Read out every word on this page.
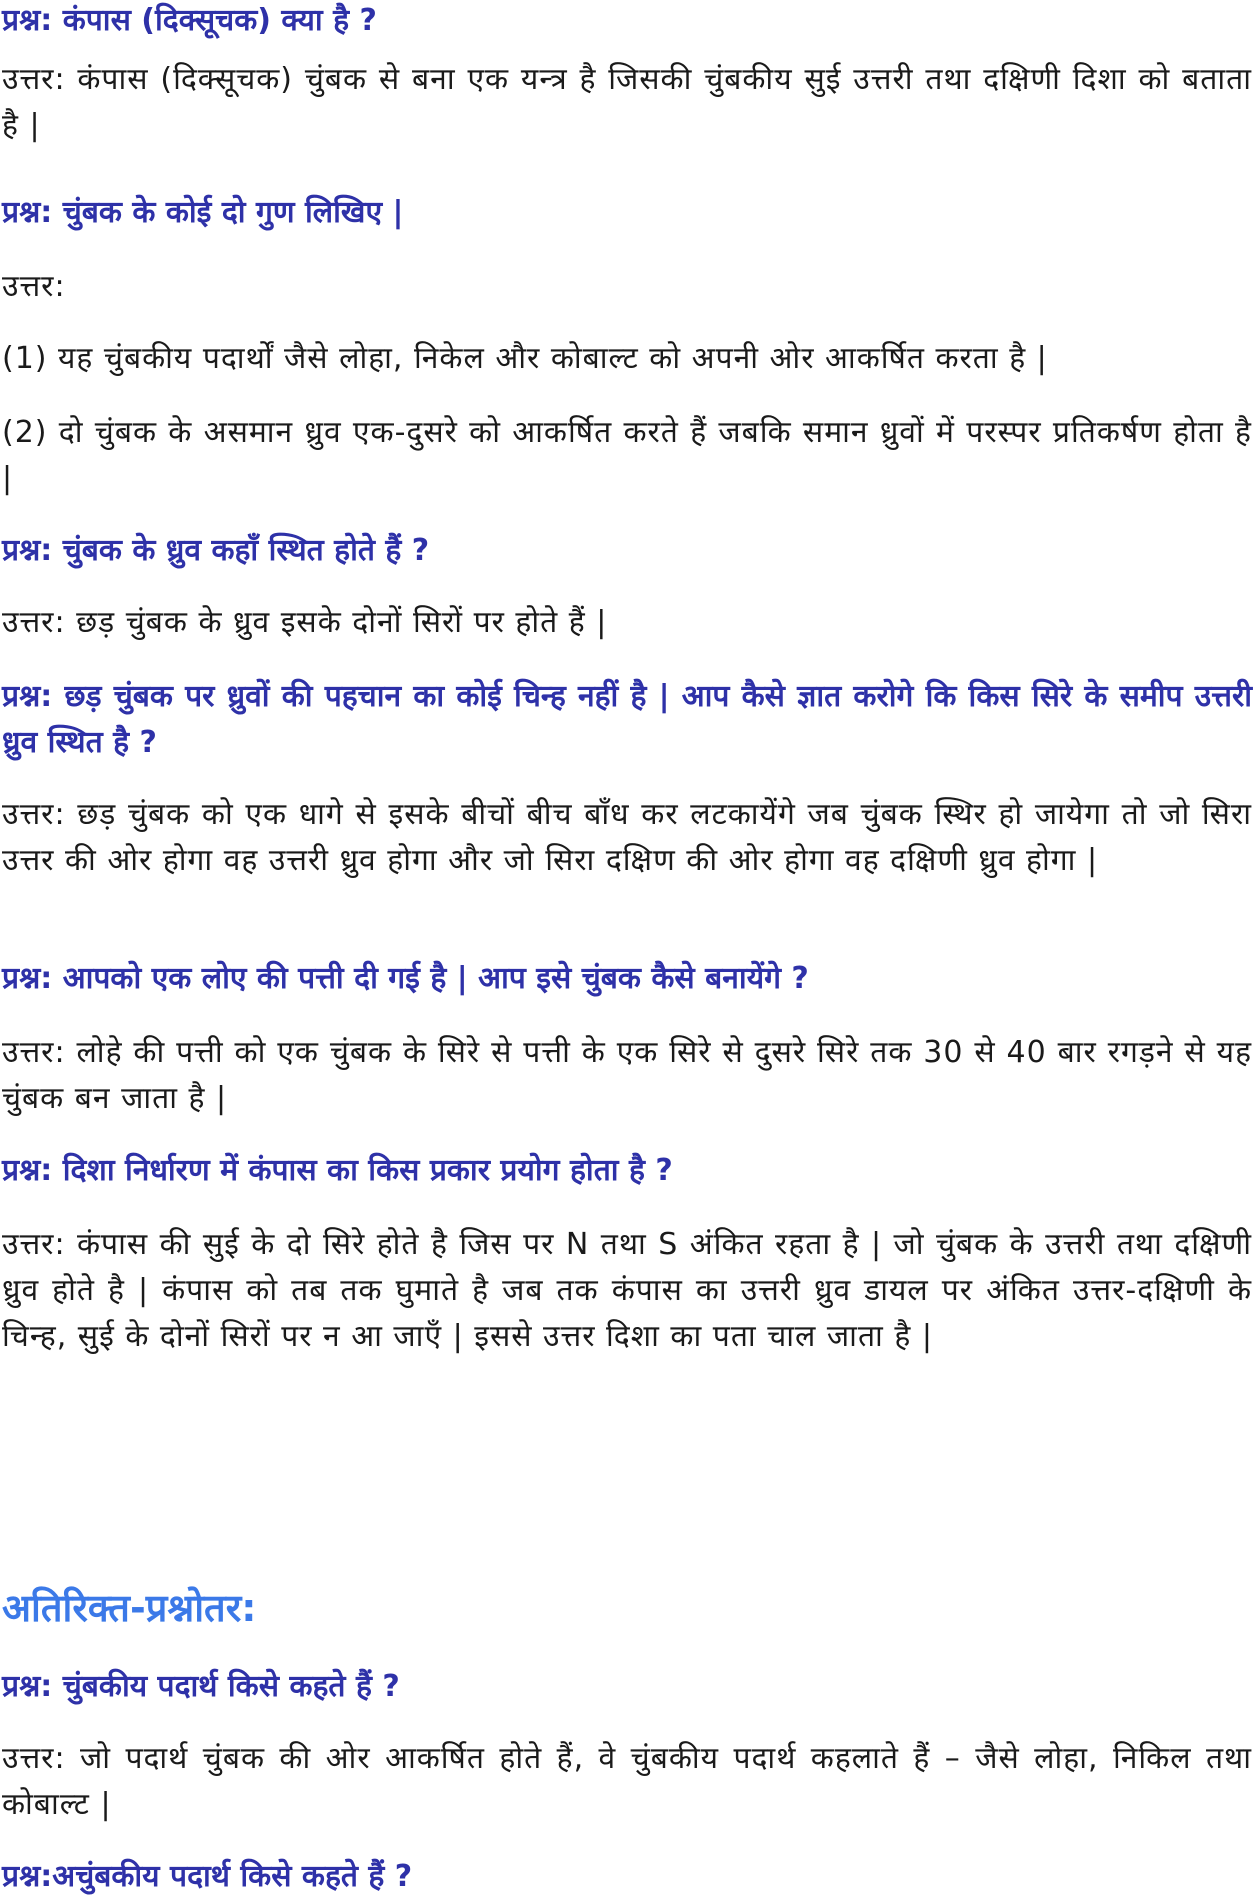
प्रश्न: कंपास (दिक्सूचक) क्या है ?

उत्तर: कंपास (दिक्सूचक) चुंबक से बना एक यन्त्र है जिसकी चुंबकीय सुई उत्तरी तथा दक्षिणी दिशा को बताता है |

प्रश्न: चुंबक के कोई दो गुण लिखिए |

उत्तर:

(1) यह चुंबकीय पदार्थों जैसे लोहा, निकेल और कोबाल्ट को अपनी ओर आकर्षित करता है |

(2) दो चुंबक के असमान ध्रुव एक-दुसरे को आकर्षित करते हैं जबकि समान ध्रुवों में परस्पर प्रतिकर्षण होता है |

प्रश्न: चुंबक के ध्रुव कहाँ स्थित होते हैं ?

उत्तर: छड़ चुंबक के ध्रुव इसके दोनों सिरों पर होते हैं |

प्रश्न: छड़ चुंबक पर ध्रुवों की पहचान का कोई चिन्ह नहीं है | आप कैसे ज्ञात करोगे कि किस सिरे के समीप उत्तरी ध्रुव स्थित है ?

उत्तर: छड़ चुंबक को एक धागे से इसके बीचों बीच बाँध कर लटकायेंगे जब चुंबक स्थिर हो जायेगा तो जो सिरा उत्तर की ओर होगा वह उत्तरी ध्रुव होगा और जो सिरा दक्षिण की ओर होगा वह दक्षिणी ध्रुव होगा |

प्रश्न: आपको एक लोए की पत्ती दी गई है | आप इसे चुंबक कैसे बनायेंगे ?

उत्तर: लोहे की पत्ती को एक चुंबक के सिरे से पत्ती के एक सिरे से दुसरे सिरे तक 30 से 40 बार रगड़ने से यह चुंबक बन जाता है |

प्रश्न: दिशा निर्धारण में कंपास का किस प्रकार प्रयोग होता है ?

उत्तर: कंपास की सुई के दो सिरे होते है जिस पर N तथा S अंकित रहता है | जो चुंबक के उत्तरी तथा दक्षिणी ध्रुव होते है | कंपास को तब तक घुमाते है जब तक कंपास का उत्तरी ध्रुव डायल पर अंकित उत्तर-दक्षिणी के चिन्ह, सुई के दोनों सिरों पर न आ जाएँ | इससे उत्तर दिशा का पता चाल जाता है |

अतिरिक्त-प्रश्नोतर:

प्रश्न: चुंबकीय पदार्थ किसे कहते हैं ?

उत्तर: जो पदार्थ चुंबक की ओर आकर्षित होते हैं, वे चुंबकीय पदार्थ कहलाते हैं – जैसे लोहा, निकिल तथा कोबाल्ट |

प्रश्न:अचुंबकीय पदार्थ किसे कहते हैं ?
